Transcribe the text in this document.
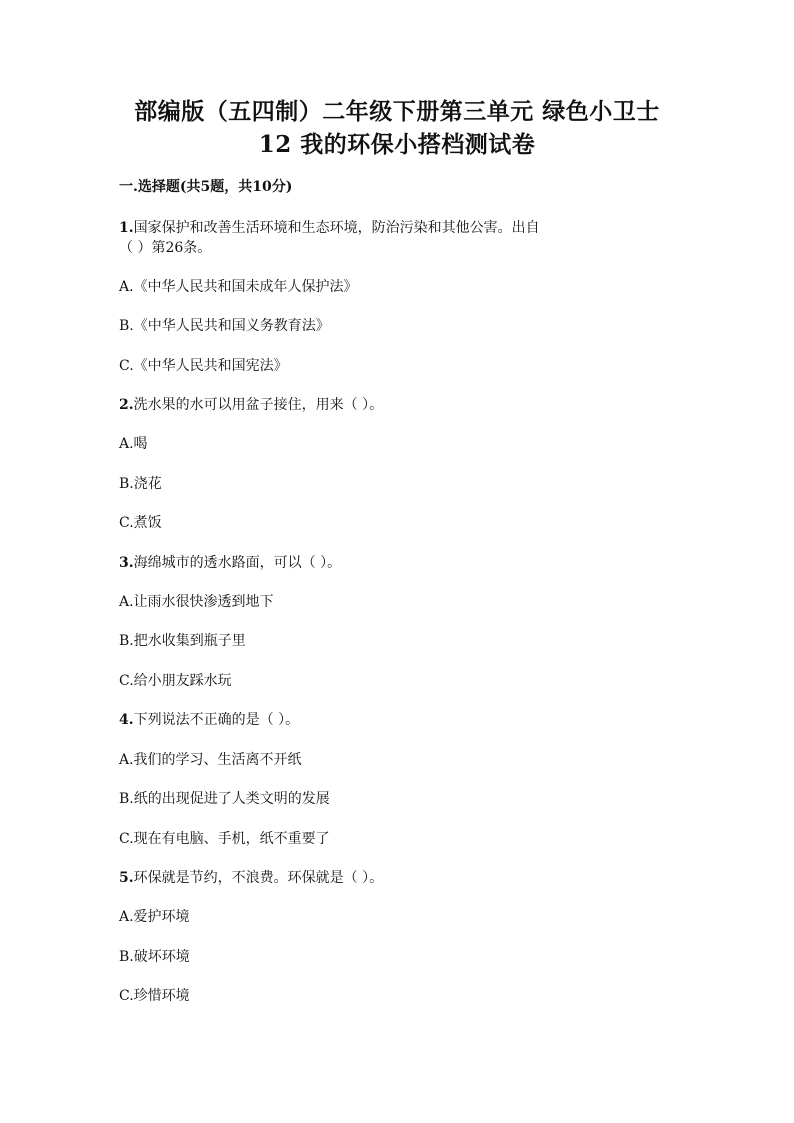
部编版（五四制）二年级下册第三单元 绿色小卫士
12 我的环保小搭档测试卷
一.选择题(共5题，共10分)
1.国家保护和改善生活环境和生态环境，防治污染和其他公害。出自
（ ）第26条。
A.《中华人民共和国未成年人保护法》
B.《中华人民共和国义务教育法》
C.《中华人民共和国宪法》
2.洗水果的水可以用盆子接住，用来（ ）。
A.喝
B.浇花
C.煮饭
3.海绵城市的透水路面，可以（ ）。
A.让雨水很快渗透到地下
B.把水收集到瓶子里
C.给小朋友踩水玩
4.下列说法不正确的是（ ）。
A.我们的学习、生活离不开纸
B.纸的出现促进了人类文明的发展
C.现在有电脑、手机，纸不重要了
5.环保就是节约，不浪费。环保就是（ ）。
A.爱护环境
B.破坏环境
C.珍惜环境
